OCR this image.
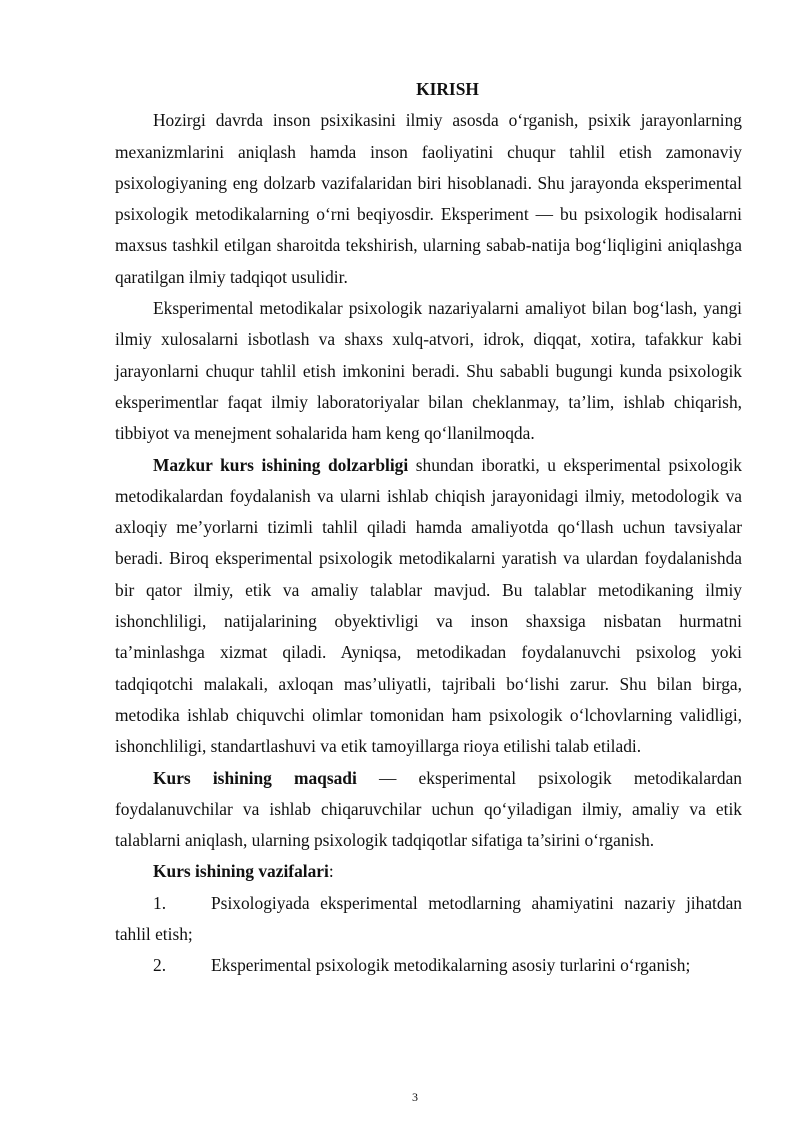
KIRISH

Hozirgi davrda inson psixikasini ilmiy asosda o‘rganish, psixik jarayonlarning mexanizmlarini aniqlash hamda inson faoliyatini chuqur tahlil etish zamonaviy psixologiyaning eng dolzarb vazifalaridan biri hisoblanadi. Shu jarayonda eksperimental psixologik metodikalarning o‘rni beqiyosdir. Eksperiment — bu psixologik hodisalarni maxsus tashkil etilgan sharoitda tekshirish, ularning sabab-natija bog‘liqligini aniqlashga qaratilgan ilmiy tadqiqot usulidir.

Eksperimental metodikalar psixologik nazariyalarni amaliyot bilan bog‘lash, yangi ilmiy xulosalarni isbotlash va shaxs xulq-atvori, idrok, diqqat, xotira, tafakkur kabi jarayonlarni chuqur tahlil etish imkonini beradi. Shu sababli bugungi kunda psixologik eksperimentlar faqat ilmiy laboratoriyalar bilan cheklanmay, ta’lim, ishlab chiqarish, tibbiyot va menejment sohalarida ham keng qo‘llanilmoqda.

Mazkur kurs ishining dolzarbligi shundan iboratki, u eksperimental psixologik metodikalardan foydalanish va ularni ishlab chiqish jarayonidagi ilmiy, metodologik va axloqiy me’yorlarni tizimli tahlil qiladi hamda amaliyotda qo‘llash uchun tavsiyalar beradi. Biroq eksperimental psixologik metodikalarni yaratish va ulardan foydalanishda bir qator ilmiy, etik va amaliy talablar mavjud. Bu talablar metodikaning ilmiy ishonchliligi, natijalarining obyektivligi va inson shaxsiga nisbatan hurmatni ta’minlashga xizmat qiladi. Ayniqsa, metodikadan foydalanuvchi psixolog yoki tadqiqotchi malakali, axloqan mas’uliyatli, tajribali bo‘lishi zarur. Shu bilan birga, metodika ishlab chiquvchi olimlar tomonidan ham psixologik o‘lchovlarning validligi, ishonchliligi, standartlashuvi va etik tamoyillarga rioya etilishi talab etiladi.

Kurs ishining maqsadi — eksperimental psixologik metodikalardan foydalanuvchilar va ishlab chiqaruvchilar uchun qo‘yiladigan ilmiy, amaliy va etik talablarni aniqlash, ularning psixologik tadqiqotlar sifatiga ta’sirini o‘rganish.

Kurs ishining vazifalari:

1.	Psixologiyada eksperimental metodlarning ahamiyatini nazariy jihatdan tahlil etish;
2.	Eksperimental psixologik metodikalarning asosiy turlarini o‘rganish;
3
